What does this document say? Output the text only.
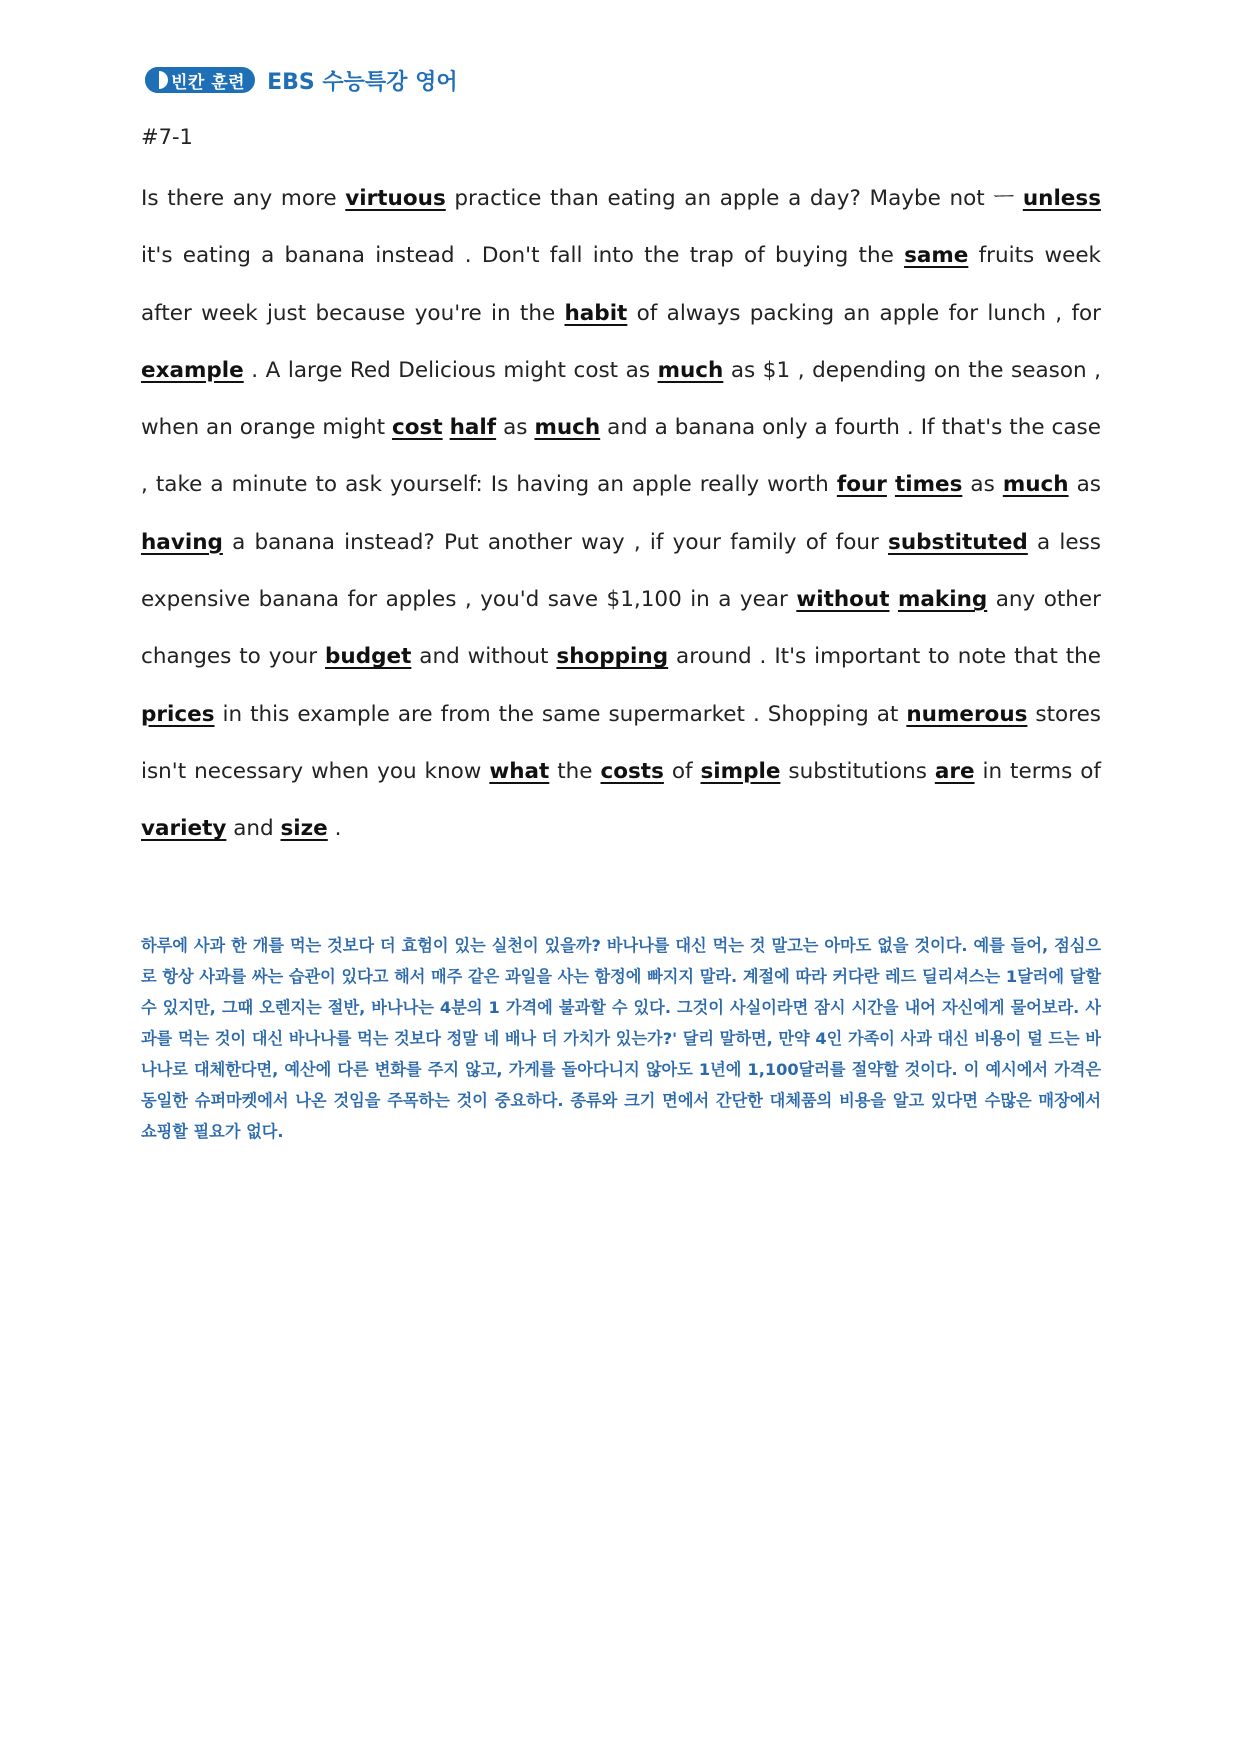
빈칸 훈련 EBS 수능특강 영어
#7-1
Is there any more virtuous practice than eating an apple a day? Maybe not ㅡ unless it's eating a banana instead . Don't fall into the trap of buying the same fruits week after week just because you're in the habit of always packing an apple for lunch , for example . A large Red Delicious might cost as much as $1 , depending on the season , when an orange might cost half as much and a banana only a fourth . If that's the case , take a minute to ask yourself: Is having an apple really worth four times as much as having a banana instead? Put another way , if your family of four substituted a less expensive banana for apples , you'd save $1,100 in a year without making any other changes to your budget and without shopping around . It's important to note that the prices in this example are from the same supermarket . Shopping at numerous stores isn't necessary when you know what the costs of simple substitutions are in terms of variety and size .
하루에 사과 한 개를 먹는 것보다 더 효험이 있는 실천이 있을까? 바나나를 대신 먹는 것 말고는 아마도 없을 것이다. 예를 들어, 점심으로 항상 사과를 싸는 습관이 있다고 해서 매주 같은 과일을 사는 함정에 빠지지 말라. 계절에 따라 커다란 레드 딜리셔스는 1달러에 달할 수 있지만, 그때 오렌지는 절반, 바나나는 4분의 1 가격에 불과할 수 있다. 그것이 사실이라면 잠시 시간을 내어 자신에게 물어보라. 사과를 먹는 것이 대신 바나나를 먹는 것보다 정말 네 배나 더 가치가 있는가?' 달리 말하면, 만약 4인 가족이 사과 대신 비용이 덜 드는 바나나로 대체한다면, 예산에 다른 변화를 주지 않고, 가게를 돌아다니지 않아도 1년에 1,100달러를 절약할 것이다. 이 예시에서 가격은 동일한 슈퍼마켓에서 나온 것임을 주목하는 것이 중요하다. 종류와 크기 면에서 간단한 대체품의 비용을 알고 있다면 수많은 매장에서 쇼핑할 필요가 없다.
